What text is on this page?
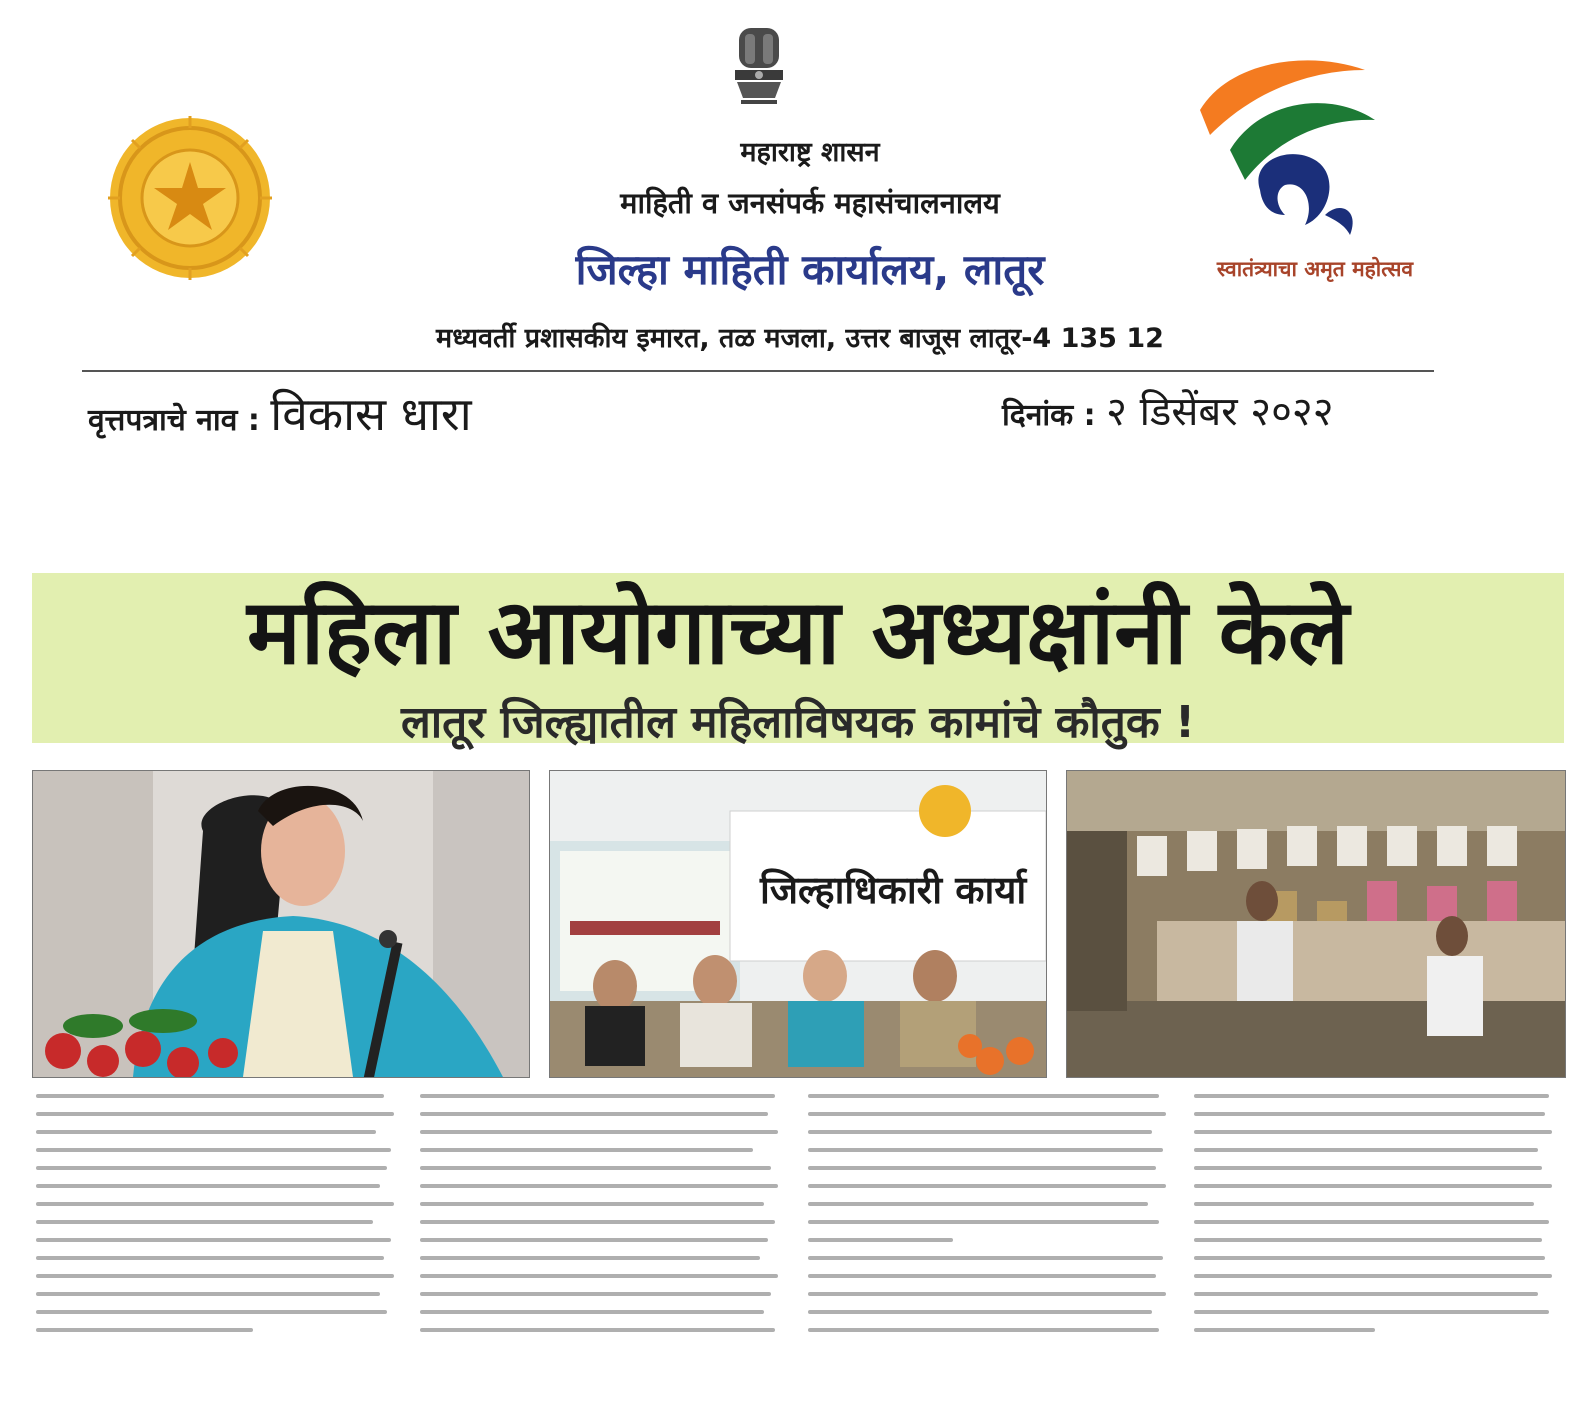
स्वातंत्र्याचा अमृत महोत्सव
महाराष्ट्र शासन
माहिती व जनसंपर्क महासंचालनालय
जिल्हा माहिती कार्यालय, लातूर
मध्यवर्ती प्रशासकीय इमारत, तळ मजला, उत्तर बाजूस लातूर-4 135 12
वृत्तपत्राचे नाव : विकास धारा	दिनांक : २ डिसेंबर २०२२
महिला आयोगाच्या अध्यक्षांनी केले
लातूर जिल्ह्यातील महिलाविषयक कामांचे कौतुक !
जिल्हाधिकारी कार्या
